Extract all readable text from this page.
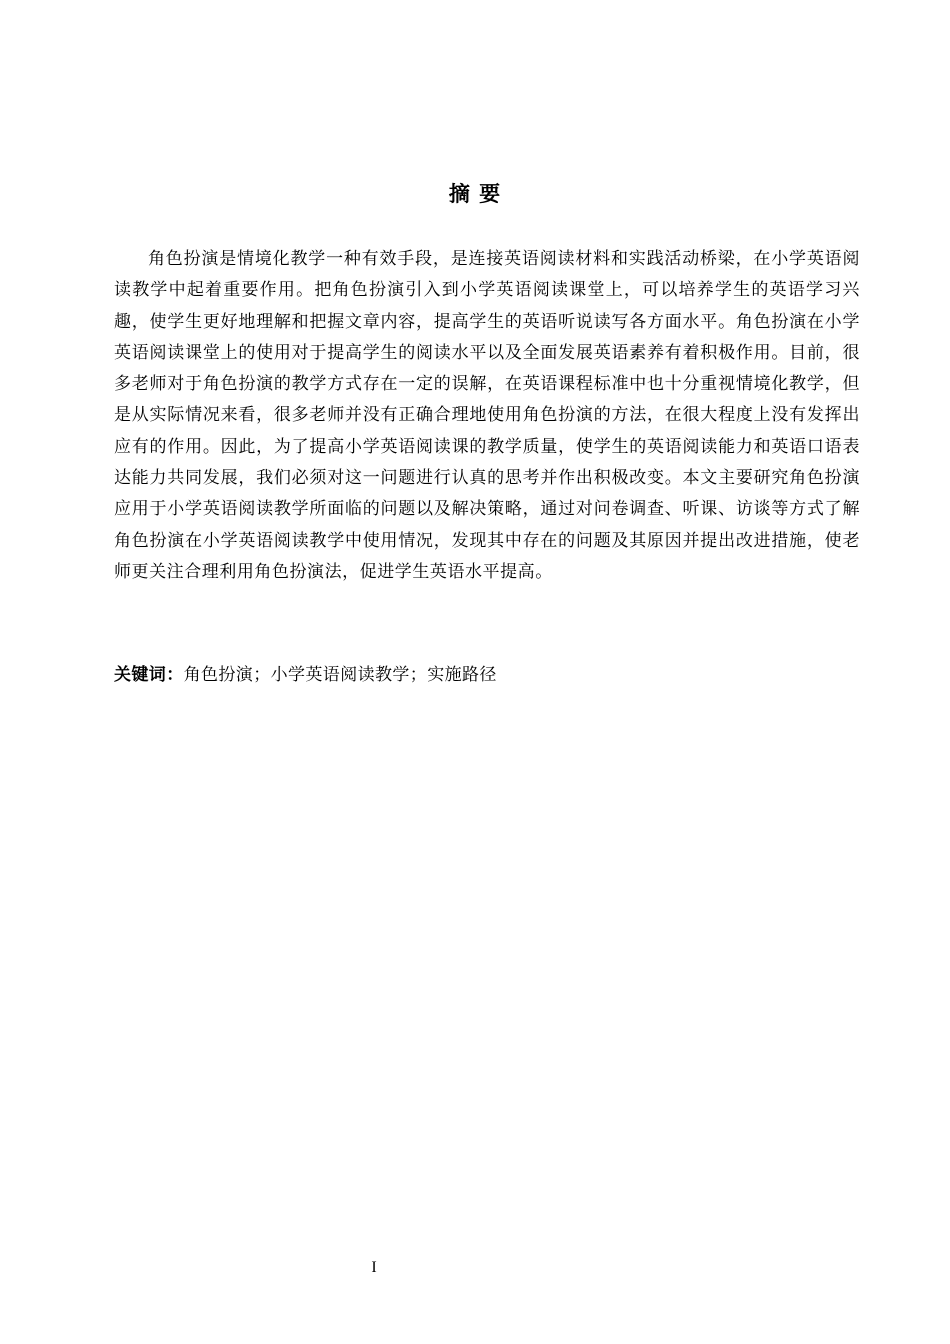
摘 要

角色扮演是情境化教学一种有效手段，是连接英语阅读材料和实践活动桥梁，在小学英语阅读教学中起着重要作用。把角色扮演引入到小学英语阅读课堂上，可以培养学生的英语学习兴趣，使学生更好地理解和把握文章内容，提高学生的英语听说读写各方面水平。角色扮演在小学英语阅读课堂上的使用对于提高学生的阅读水平以及全面发展英语素养有着积极作用。目前，很多老师对于角色扮演的教学方式存在一定的误解，在英语课程标准中也十分重视情境化教学，但是从实际情况来看，很多老师并没有正确合理地使用角色扮演的方法，在很大程度上没有发挥出应有的作用。因此，为了提高小学英语阅读课的教学质量，使学生的英语阅读能力和英语口语表达能力共同发展，我们必须对这一问题进行认真的思考并作出积极改变。本文主要研究角色扮演应用于小学英语阅读教学所面临的问题以及解决策略，通过对问卷调查、听课、访谈等方式了解角色扮演在小学英语阅读教学中使用情况，发现其中存在的问题及其原因并提出改进措施，使老师更关注合理利用角色扮演法，促进学生英语水平提高。

关键词：角色扮演；小学英语阅读教学；实施路径

I
